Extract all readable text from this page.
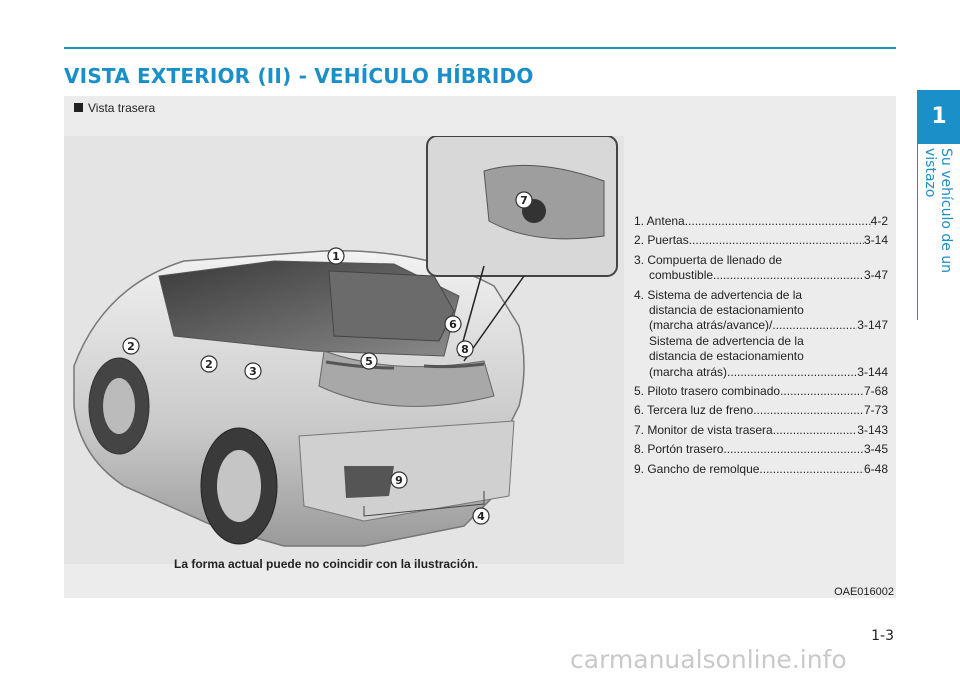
VISTA EXTERIOR (II) - VEHÍCULO HÍBRIDO
1
Su vehículo de un vistazo
Vista trasera
1
2
2
3
4
5
6
7
8
9
La forma actual puede no coincidir con la ilustración.
OAE016002
1. Antena .....	4-2
2. Puertas .....	3-14
3. Compuerta de llenado de
combustible .....	3-47
4. Sistema de advertencia de la
distancia de estacionamiento
(marcha atrás/avance)/ .....	3-147
Sistema de advertencia de la
distancia de estacionamiento
(marcha atrás) .....	3-144
5. Piloto trasero combinado .....	7-68
6. Tercera luz de freno .....	7-73
7. Monitor de vista trasera .....	3-143
8. Portón trasero .....	3-45
9. Gancho de remolque .....	6-48
1-3
carmanualsonline.info
